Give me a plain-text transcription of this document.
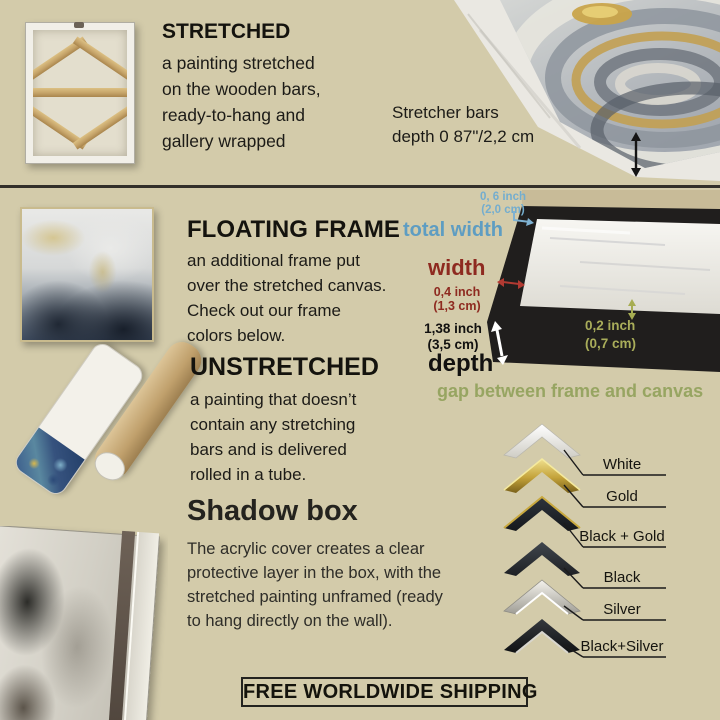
STRETCHED
a painting stretched
on the wooden bars,
ready-to-hang and
gallery wrapped
Stretcher bars
depth 0 87"/2,2 cm
FLOATING FRAME
an additional frame put
over the stretched canvas.
Check out our frame
colors below.
0, 6 inch
(2,0 cm)
total width
width
0,4 inch
(1,3 cm)
1,38 inch
(3,5 cm)
depth
0,2 inch
(0,7 cm)
gap between frame and canvas
UNSTRETCHED
a painting that doesn’t
contain any stretching
bars and is delivered
rolled in a tube.
Shadow box
The acrylic cover creates a clear
protective layer in the box, with the
stretched painting unframed (ready
to hang directly on the wall).
White
Gold
Black + Gold
Black
Silver
Black+Silver
FREE WORLDWIDE SHIPPING
